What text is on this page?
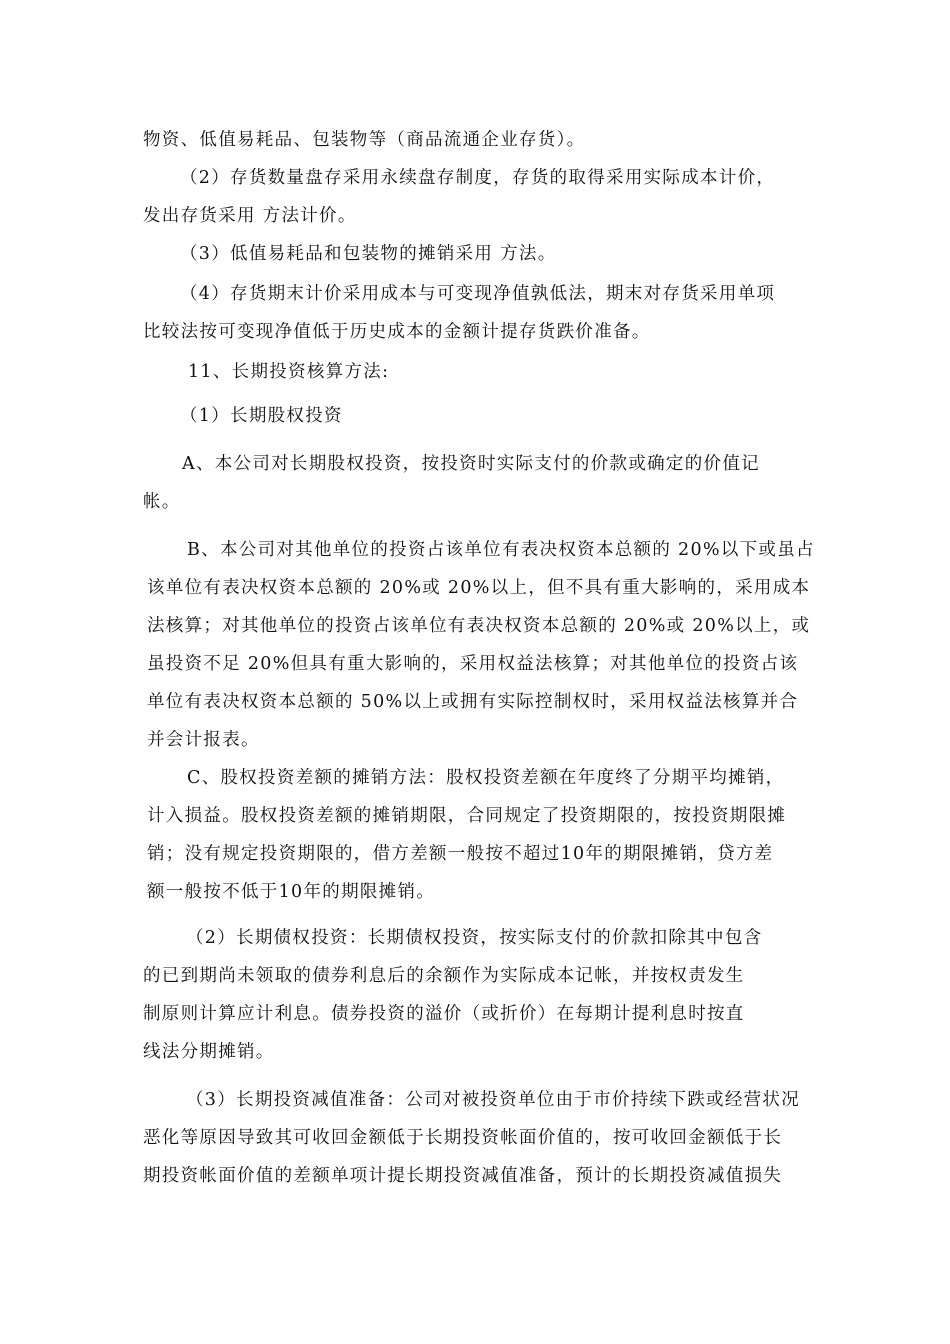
物资、低值易耗品、包装物等（商品流通企业存货）。
（2）存货数量盘存采用永续盘存制度，存货的取得采用实际成本计价，
发出存货采用 方法计价。
（3）低值易耗品和包装物的摊销采用 方法。
（4）存货期末计价采用成本与可变现净值孰低法，期末对存货采用单项
比较法按可变现净值低于历史成本的金额计提存货跌价准备。
11、长期投资核算方法:
（1）长期股权投资
A、本公司对长期股权投资，按投资时实际支付的价款或确定的价值记
帐。
B、本公司对其他单位的投资占该单位有表决权资本总额的 20%以下或虽占
该单位有表决权资本总额的 20%或 20%以上，但不具有重大影响的，采用成本
法核算；对其他单位的投资占该单位有表决权资本总额的 20%或 20%以上，或
虽投资不足 20%但具有重大影响的，采用权益法核算；对其他单位的投资占该
单位有表决权资本总额的 50%以上或拥有实际控制权时，采用权益法核算并合
并会计报表。
C、股权投资差额的摊销方法：股权投资差额在年度终了分期平均摊销，
计入损益。股权投资差额的摊销期限，合同规定了投资期限的，按投资期限摊
销；没有规定投资期限的，借方差额一般按不超过10年的期限摊销，贷方差
额一般按不低于10年的期限摊销。
（2）长期债权投资：长期债权投资，按实际支付的价款扣除其中包含
的已到期尚未领取的债券利息后的余额作为实际成本记帐，并按权责发生
制原则计算应计利息。债券投资的溢价（或折价）在每期计提利息时按直
线法分期摊销。
（3）长期投资减值准备：公司对被投资单位由于市价持续下跌或经营状况
恶化等原因导致其可收回金额低于长期投资帐面价值的，按可收回金额低于长
期投资帐面价值的差额单项计提长期投资减值准备，预计的长期投资减值损失
